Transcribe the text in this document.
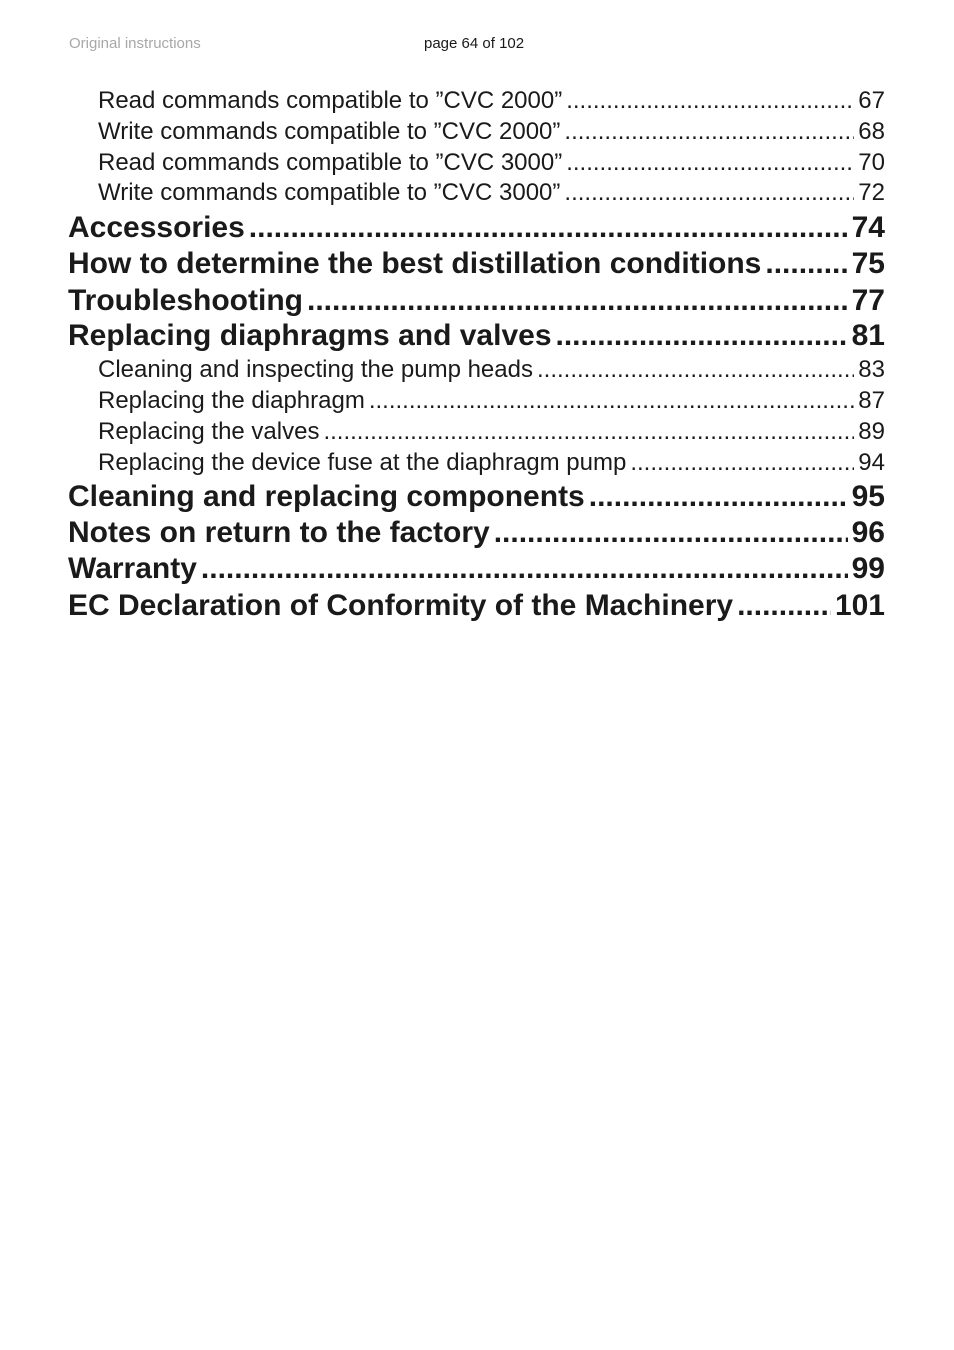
Original instructions	page 64 of 102
Read commands compatible to ”CVC 2000” .....	67
Write commands compatible to ”CVC 2000” .....	68
Read commands compatible to ”CVC 3000” .....	70
Write commands compatible to ”CVC 3000” .....	72
Accessories .....	74
How to determine the best distillation conditions .....	75
Troubleshooting .....	77
Replacing diaphragms and valves .....	81
Cleaning and inspecting the pump heads .....	83
Replacing the diaphragm .....	87
Replacing the valves .....	89
Replacing the device fuse at the diaphragm pump .....	94
Cleaning and replacing components .....	95
Notes on return to the factory .....	96
Warranty .....	99
EC Declaration of Conformity of the Machinery .....	101
